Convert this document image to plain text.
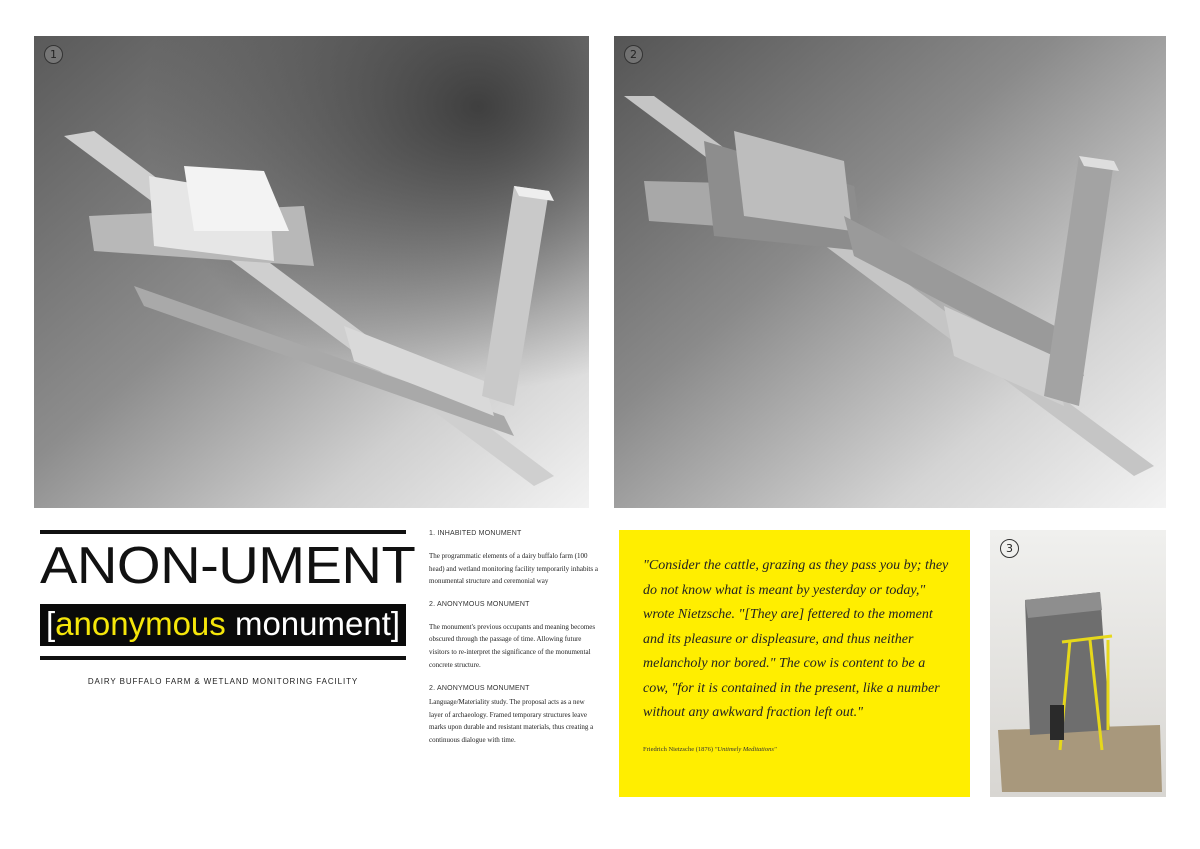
1	2
3
ANON-UMENT
[anonymous monument]
DAIRY BUFFALO FARM & WETLAND MONITORING FACILITY
1. INHABITED MONUMENT
The programmatic elements of a dairy buffalo farm (100 head) and wetland monitoring facility temporarily inhabits a monumental structure and ceremonial way
2. ANONYMOUS MONUMENT
The monument's previous occupants and meaning becomes obscured through the passage of time. Allowing future visitors to re-interpret the significance of the monumental concrete structure.
2. ANONYMOUS MONUMENT
Language/Materiality study. The proposal acts as a new layer of archaeology. Framed temporary structures leave marks upon durable and resistant materials, thus creating a continuous dialogue with time.

"Consider the cattle, grazing as they pass you by; they do not know what is meant by yesterday or today," wrote Nietzsche. "[They are] fettered to the moment and its pleasure or displeasure, and thus neither melancholy nor bored." The cow is content to be a cow, "for it is contained in the present, like a number without any awkward fraction left out."

Friedrich Nietzsche (1876) "Untimely Meditations"
